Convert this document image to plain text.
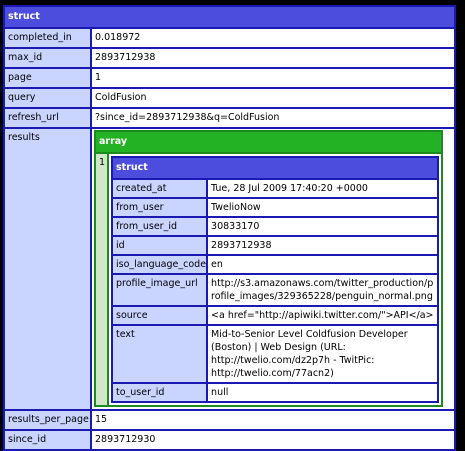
struct
completed_in	0.018972
max_id	2893712938
page	1
query	ColdFusion
refresh_url	?since_id=2893712938&q=ColdFusion
results		array
1	struct
created_at	Tue, 28 Jul 2009 17:40:20 +0000
from_user	TwelioNow
from_user_id	30833170
id	2893712938
iso_language_code	en
profile_image_url	http://s3.amazonaws.com/twitter_production/profile_images/329365228/penguin_normal.png
source	<a href="http://apiwiki.twitter.com/">API</a>
text	Mid-to-Senior Level Coldfusion Developer (Boston) | Web Design (URL: http://twelio.com/dz2p7h - TwitPic: http://twelio.com/77acn2)
to_user_id	null

results_per_page	15
since_id	2893712930
